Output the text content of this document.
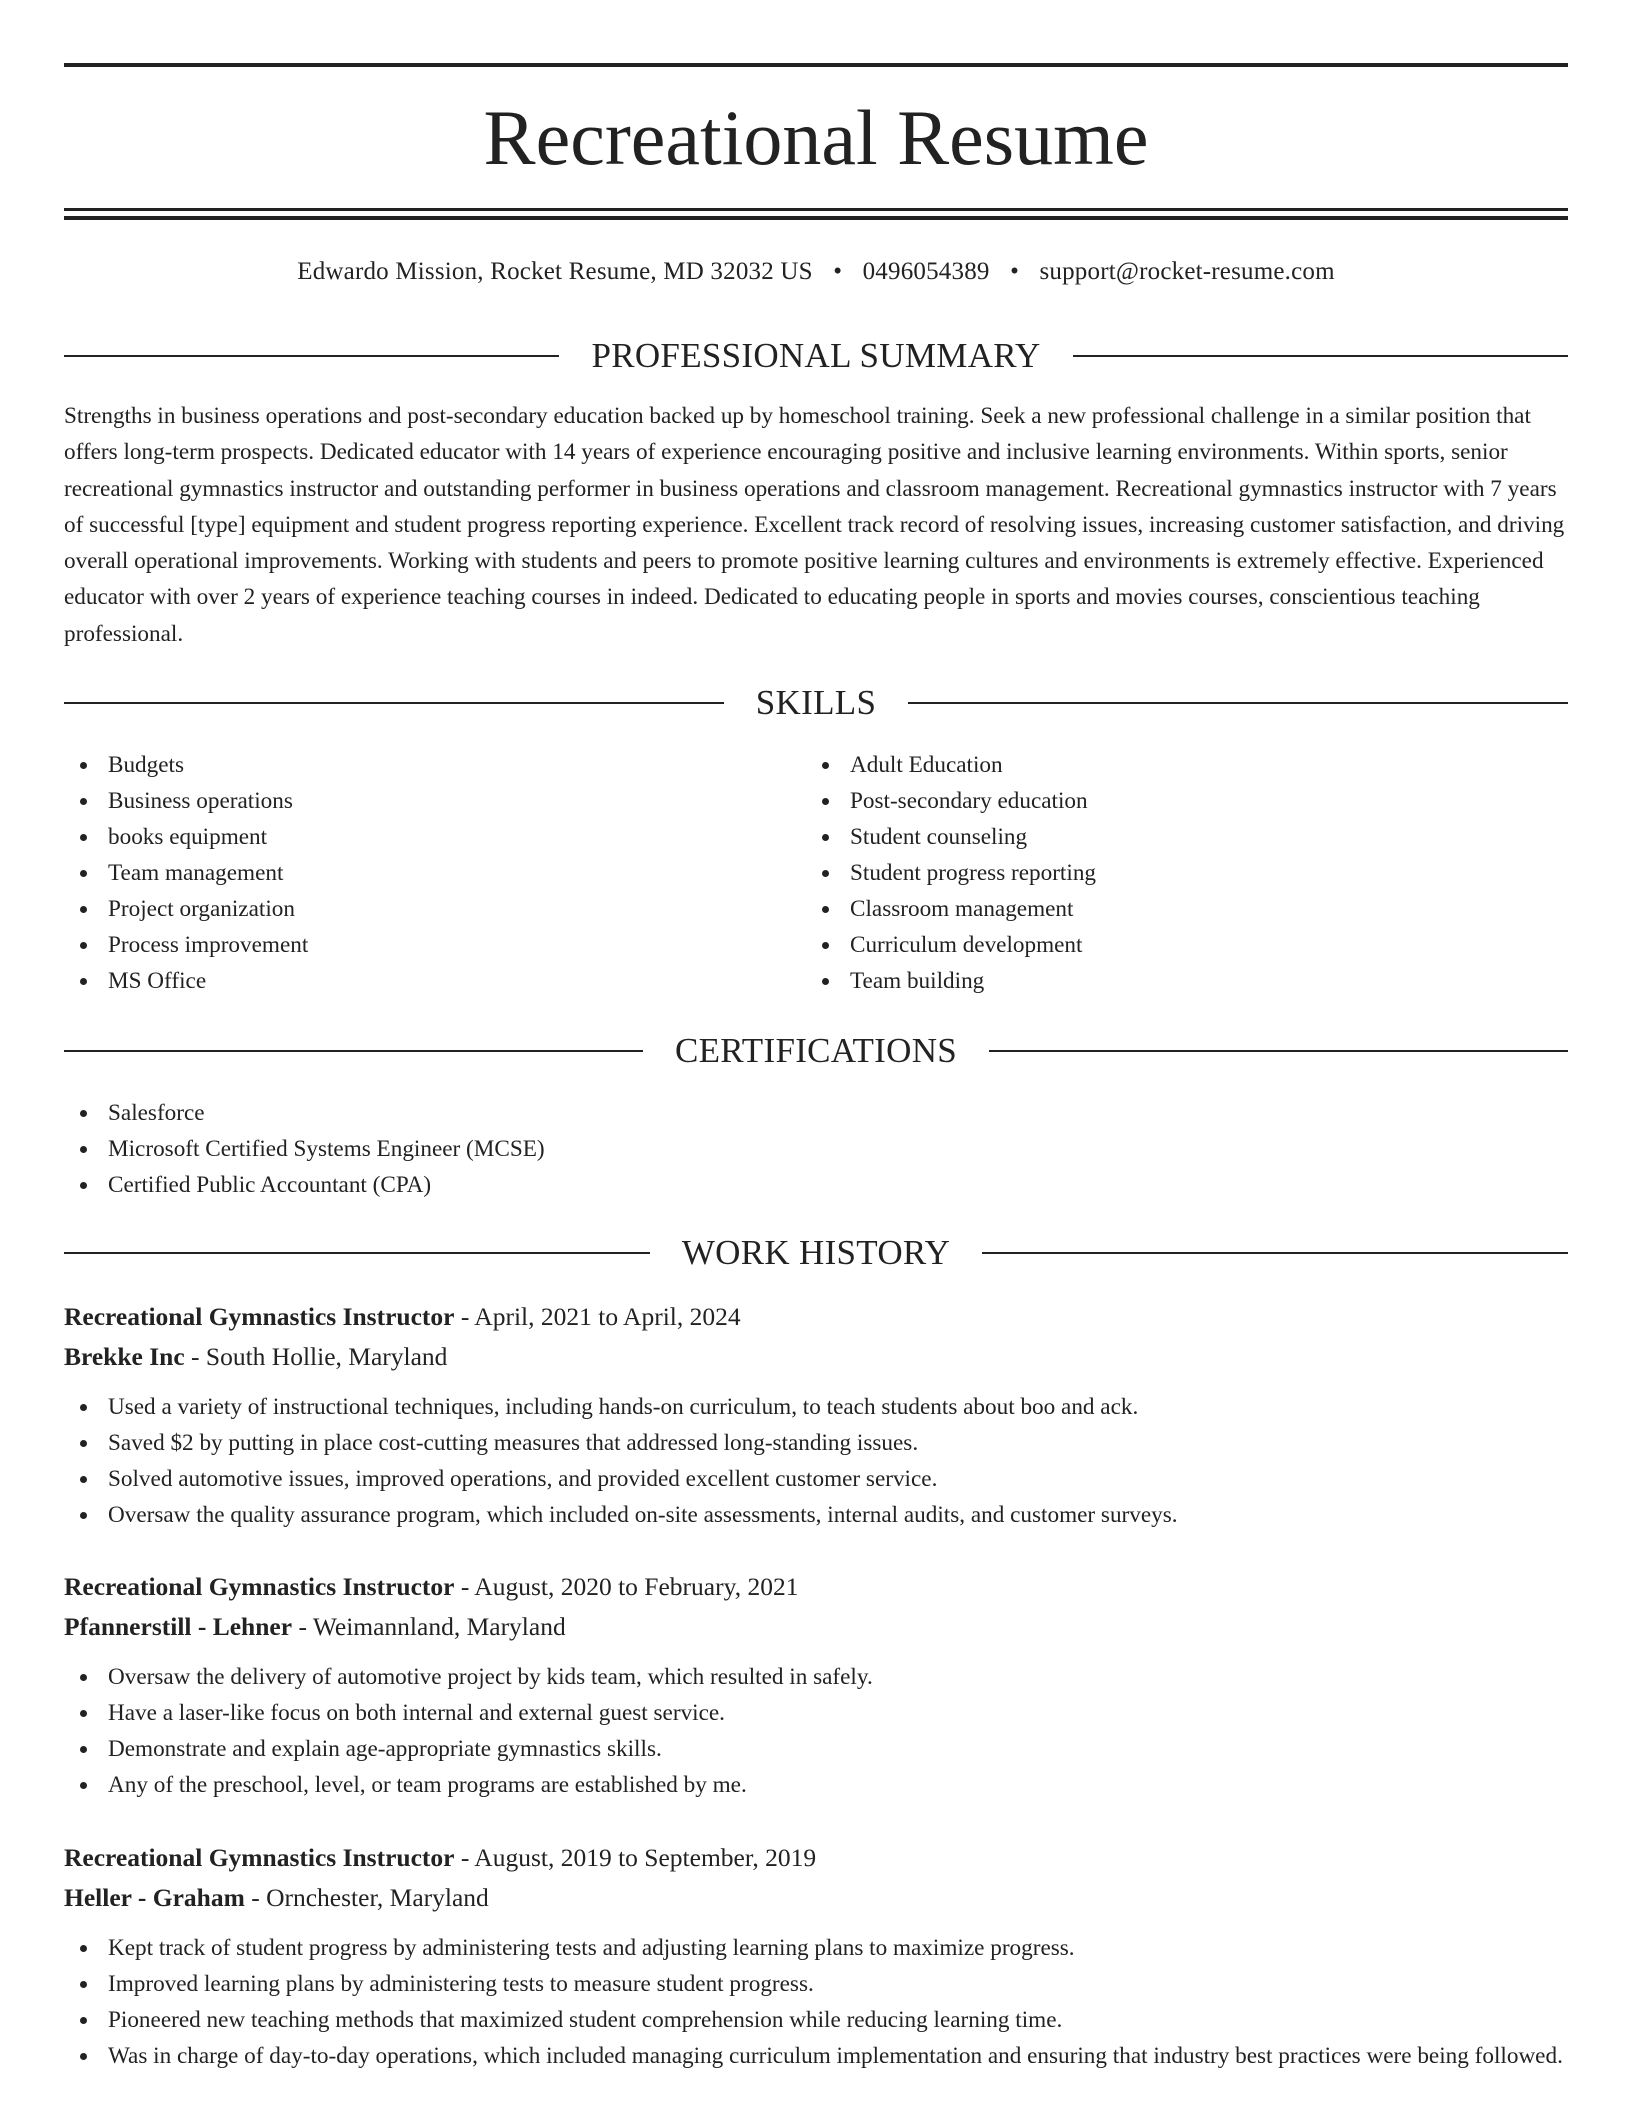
Recreational Resume
Edwardo Mission, Rocket Resume, MD 32032 US • 0496054389 • support@rocket-resume.com
PROFESSIONAL SUMMARY

Strengths in business operations and post-secondary education backed up by homeschool training. Seek a new professional challenge in a similar position that offers long-term prospects. Dedicated educator with 14 years of experience encouraging positive and inclusive learning environments. Within sports, senior recreational gymnastics instructor and outstanding performer in business operations and classroom management. Recreational gymnastics instructor with 7 years of successful [type] equipment and student progress reporting experience. Excellent track record of resolving issues, increasing customer satisfaction, and driving overall operational improvements. Working with students and peers to promote positive learning cultures and environments is extremely effective. Experienced educator with over 2 years of experience teaching courses in indeed. Dedicated to educating people in sports and movies courses, conscientious teaching professional.

SKILLS
Budgets
Business operations
books equipment
Team management
Project organization
Process improvement
MS Office
Adult Education
Post-secondary education
Student counseling
Student progress reporting
Classroom management
Curriculum development
Team building
CERTIFICATIONS
Salesforce
Microsoft Certified Systems Engineer (MCSE)
Certified Public Accountant (CPA)
WORK HISTORY
Recreational Gymnastics Instructor - April, 2021 to April, 2024
Brekke Inc - South Hollie, Maryland
Used a variety of instructional techniques, including hands-on curriculum, to teach students about boo and ack.
Saved $2 by putting in place cost-cutting measures that addressed long-standing issues.
Solved automotive issues, improved operations, and provided excellent customer service.
Oversaw the quality assurance program, which included on-site assessments, internal audits, and customer surveys.
Recreational Gymnastics Instructor - August, 2020 to February, 2021
Pfannerstill - Lehner - Weimannland, Maryland
Oversaw the delivery of automotive project by kids team, which resulted in safely.
Have a laser-like focus on both internal and external guest service.
Demonstrate and explain age-appropriate gymnastics skills.
Any of the preschool, level, or team programs are established by me.
Recreational Gymnastics Instructor - August, 2019 to September, 2019
Heller - Graham - Ornchester, Maryland
Kept track of student progress by administering tests and adjusting learning plans to maximize progress.
Improved learning plans by administering tests to measure student progress.
Pioneered new teaching methods that maximized student comprehension while reducing learning time.
Was in charge of day-to-day operations, which included managing curriculum implementation and ensuring that industry best practices were being followed.
